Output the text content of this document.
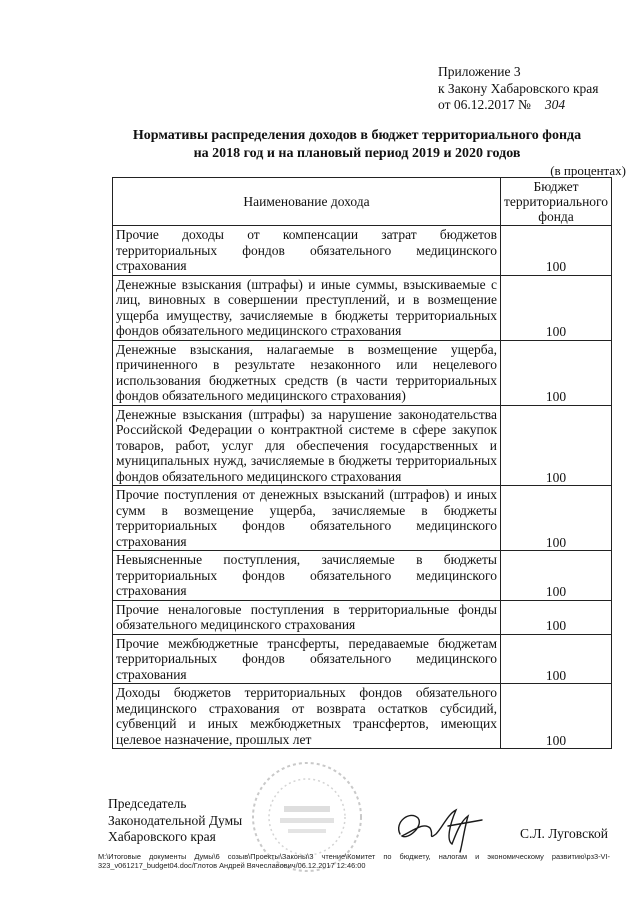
Приложение 3
к Закону Хабаровского края
от 06.12.2017 № 304
Нормативы распределения доходов в бюджет территориального фонда
на 2018 год и на плановый период 2019 и 2020 годов
(в процентах)
Наименование дохода	Бюджет территориального фонда
Прочие доходы от компенсации затрат бюджетов территориальных фондов обязательного медицинского страхования	100
Денежные взыскания (штрафы) и иные суммы, взыскиваемые с лиц, виновных в совершении преступлений, и в возмещение ущерба имуществу, зачисляемые в бюджеты территориальных фондов обязательного медицинского страхования	100
Денежные взыскания, налагаемые в возмещение ущерба, причиненного в результате незаконного или нецелевого использования бюджетных средств (в части территориальных фондов обязательного медицинского страхования)	100
Денежные взыскания (штрафы) за нарушение законодательства Российской Федерации о контрактной системе в сфере закупок товаров, работ, услуг для обеспечения государственных и муниципальных нужд, зачисляемые в бюджеты территориальных фондов обязательного медицинского страхования	100
Прочие поступления от денежных взысканий (штрафов) и иных сумм в возмещение ущерба, зачисляемые в бюджеты территориальных фондов обязательного медицинского страхования	100
Невыясненные поступления, зачисляемые в бюджеты территориальных фондов обязательного медицинского страхования	100
Прочие неналоговые поступления в территориальные фонды обязательного медицинского страхования	100
Прочие межбюджетные трансферты, передаваемые бюджетам территориальных фондов обязательного медицинского страхования	100
Доходы бюджетов территориальных фондов обязательного медицинского страхования от возврата остатков субсидий, субвенций и иных межбюджетных трансфертов, имеющих целевое назначение, прошлых лет	100
Председатель
Законодательной Думы
Хабаровского края	С.Л. Луговской
M:\Итоговые документы Думы\6 созыв\Проекты\Законы\3 чтение\Комитет по бюджету, налогам и экономическому развитию\рз3-VI-323_v061217_budget04.doc/Глотов Андрей Вячеславович/06.12.2017 12:46:00
